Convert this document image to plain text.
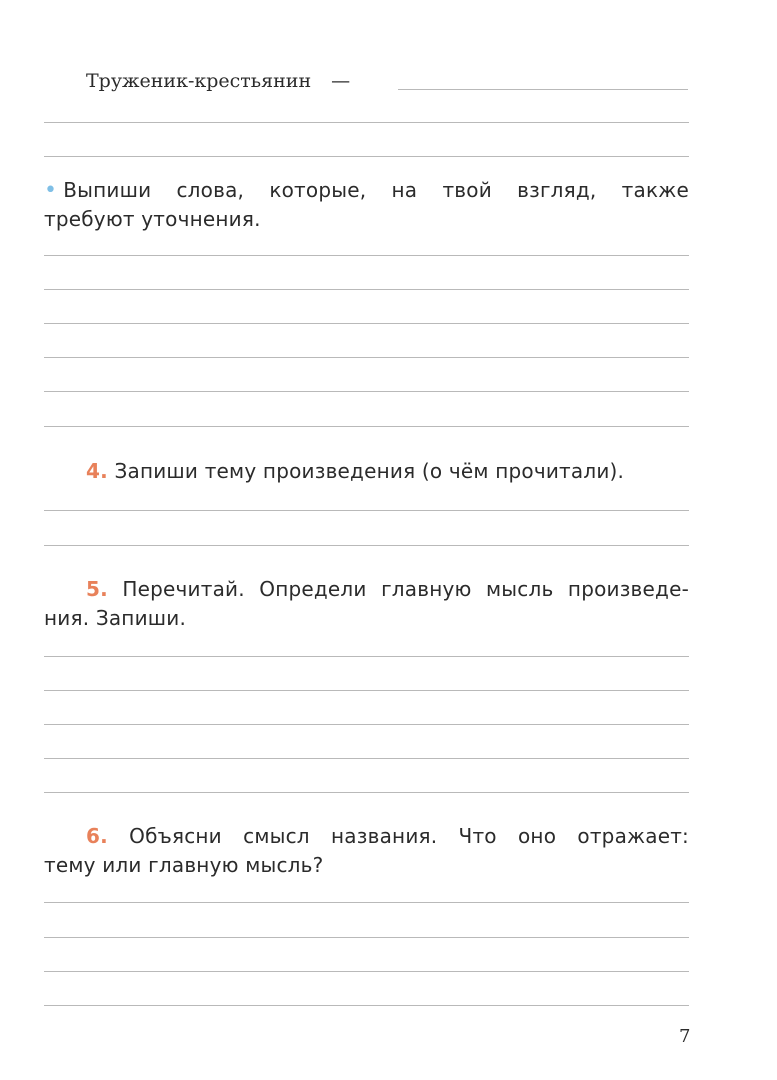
Труженик-крестьянин —
• Выпиши слова, которые, на твой взгляд, также
требуют уточнения.
4. Запиши тему произведения (о чём прочитали).
5. Перечитай. Определи главную мысль произведе-
ния. Запиши.
6. Объясни смысл названия. Что оно отражает:
тему или главную мысль?
7
